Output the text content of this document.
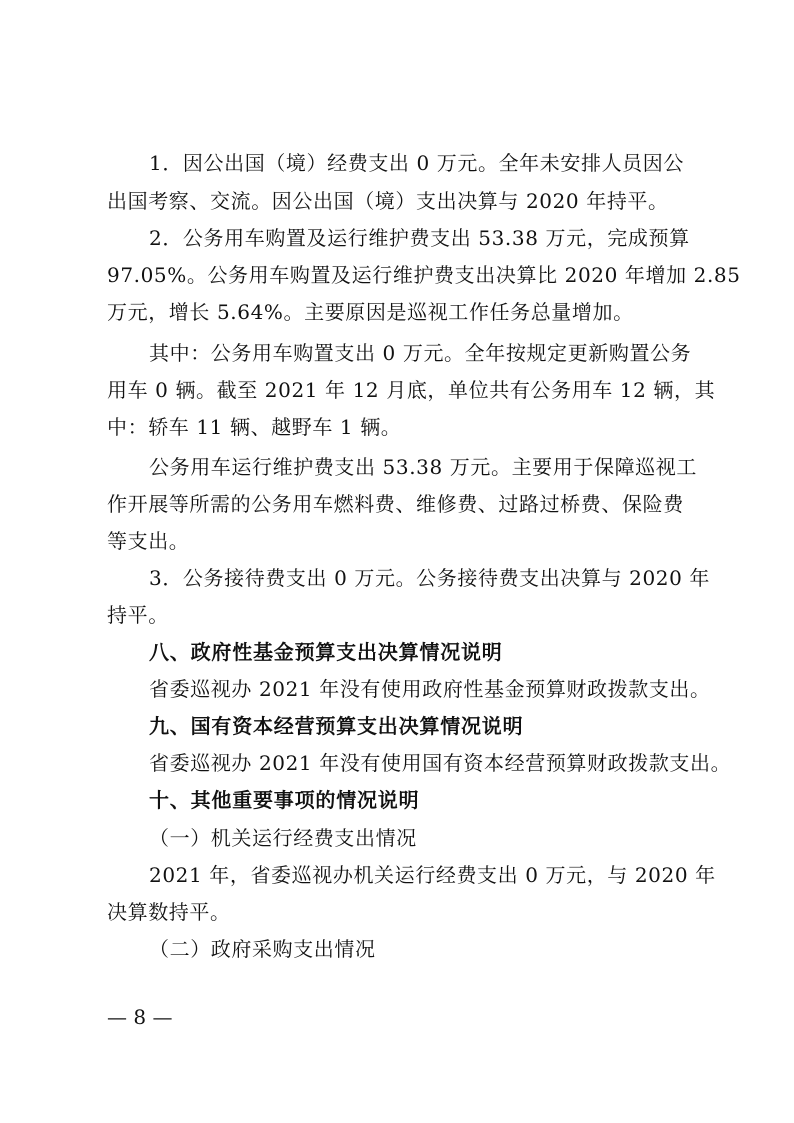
1．因公出国（境）经费支出 0 万元。全年未安排人员因公
出国考察、交流。因公出国（境）支出决算与 2020 年持平。
2．公务用车购置及运行维护费支出 53.38 万元，完成预算
97.05%。公务用车购置及运行维护费支出决算比 2020 年增加 2.85
万元，增长 5.64%。主要原因是巡视工作任务总量增加。
其中：公务用车购置支出 0 万元。全年按规定更新购置公务
用车 0 辆。截至 2021 年 12 月底，单位共有公务用车 12 辆，其
中：轿车 11 辆、越野车 1 辆。
公务用车运行维护费支出 53.38 万元。主要用于保障巡视工
作开展等所需的公务用车燃料费、维修费、过路过桥费、保险费
等支出。
3．公务接待费支出 0 万元。公务接待费支出决算与 2020 年
持平。
八、政府性基金预算支出决算情况说明
省委巡视办 2021 年没有使用政府性基金预算财政拨款支出。
九、国有资本经营预算支出决算情况说明
省委巡视办 2021 年没有使用国有资本经营预算财政拨款支出。
十、其他重要事项的情况说明
（一）机关运行经费支出情况
2021 年，省委巡视办机关运行经费支出 0 万元，与 2020 年
决算数持平。
（二）政府采购支出情况
— 8 —
